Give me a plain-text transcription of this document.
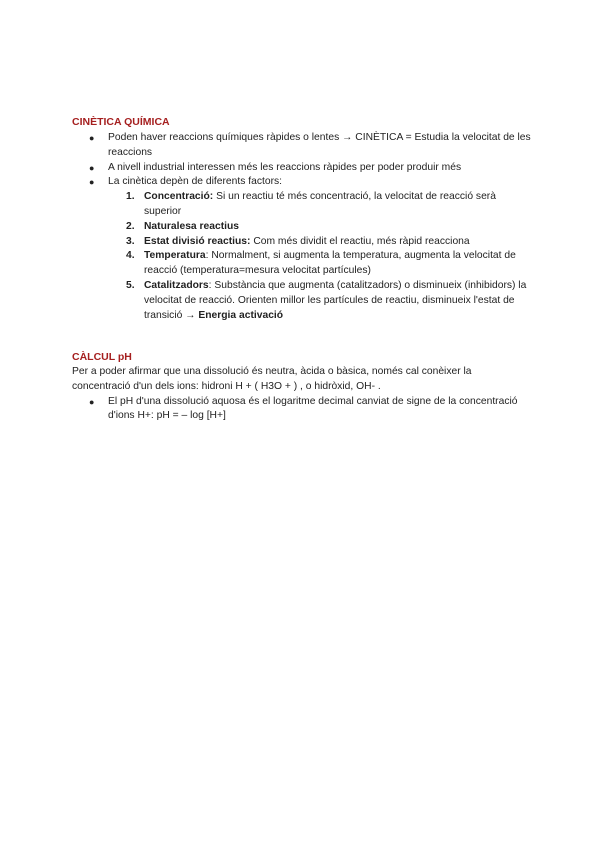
CINÈTICA QUÍMICA

● Poden haver reaccions químiques ràpides o lentes → CINÈTICA = Estudia la velocitat de les reaccions
● A nivell industrial interessen més les reaccions ràpides per poder produir més
● La cinètica depèn de diferents factors:
1. Concentració: Si un reactiu té més concentració, la velocitat de reacció serà superior
2. Naturalesa reactius
3. Estat divisió reactius: Com més dividit el reactiu, més ràpid reacciona
4. Temperatura: Normalment, si augmenta la temperatura, augmenta la velocitat de reacció (temperatura=mesura velocitat partícules)
5. Catalitzadors: Substància que augmenta (catalitzadors) o disminueix (inhibidors) la velocitat de reacció. Orienten millor les partícules de reactiu, disminueix l'estat de transició → Energia activació

CÀLCUL pH

Per a poder afirmar que una dissolució és neutra, àcida o bàsica, només cal conèixer la concentració d'un dels ions: hidroni H + ( H3O + ) , o hidròxid, OH- .

● El pH d'una dissolució aquosa és el logaritme decimal canviat de signe de la concentració d'ions H+: pH = – log [H+]
